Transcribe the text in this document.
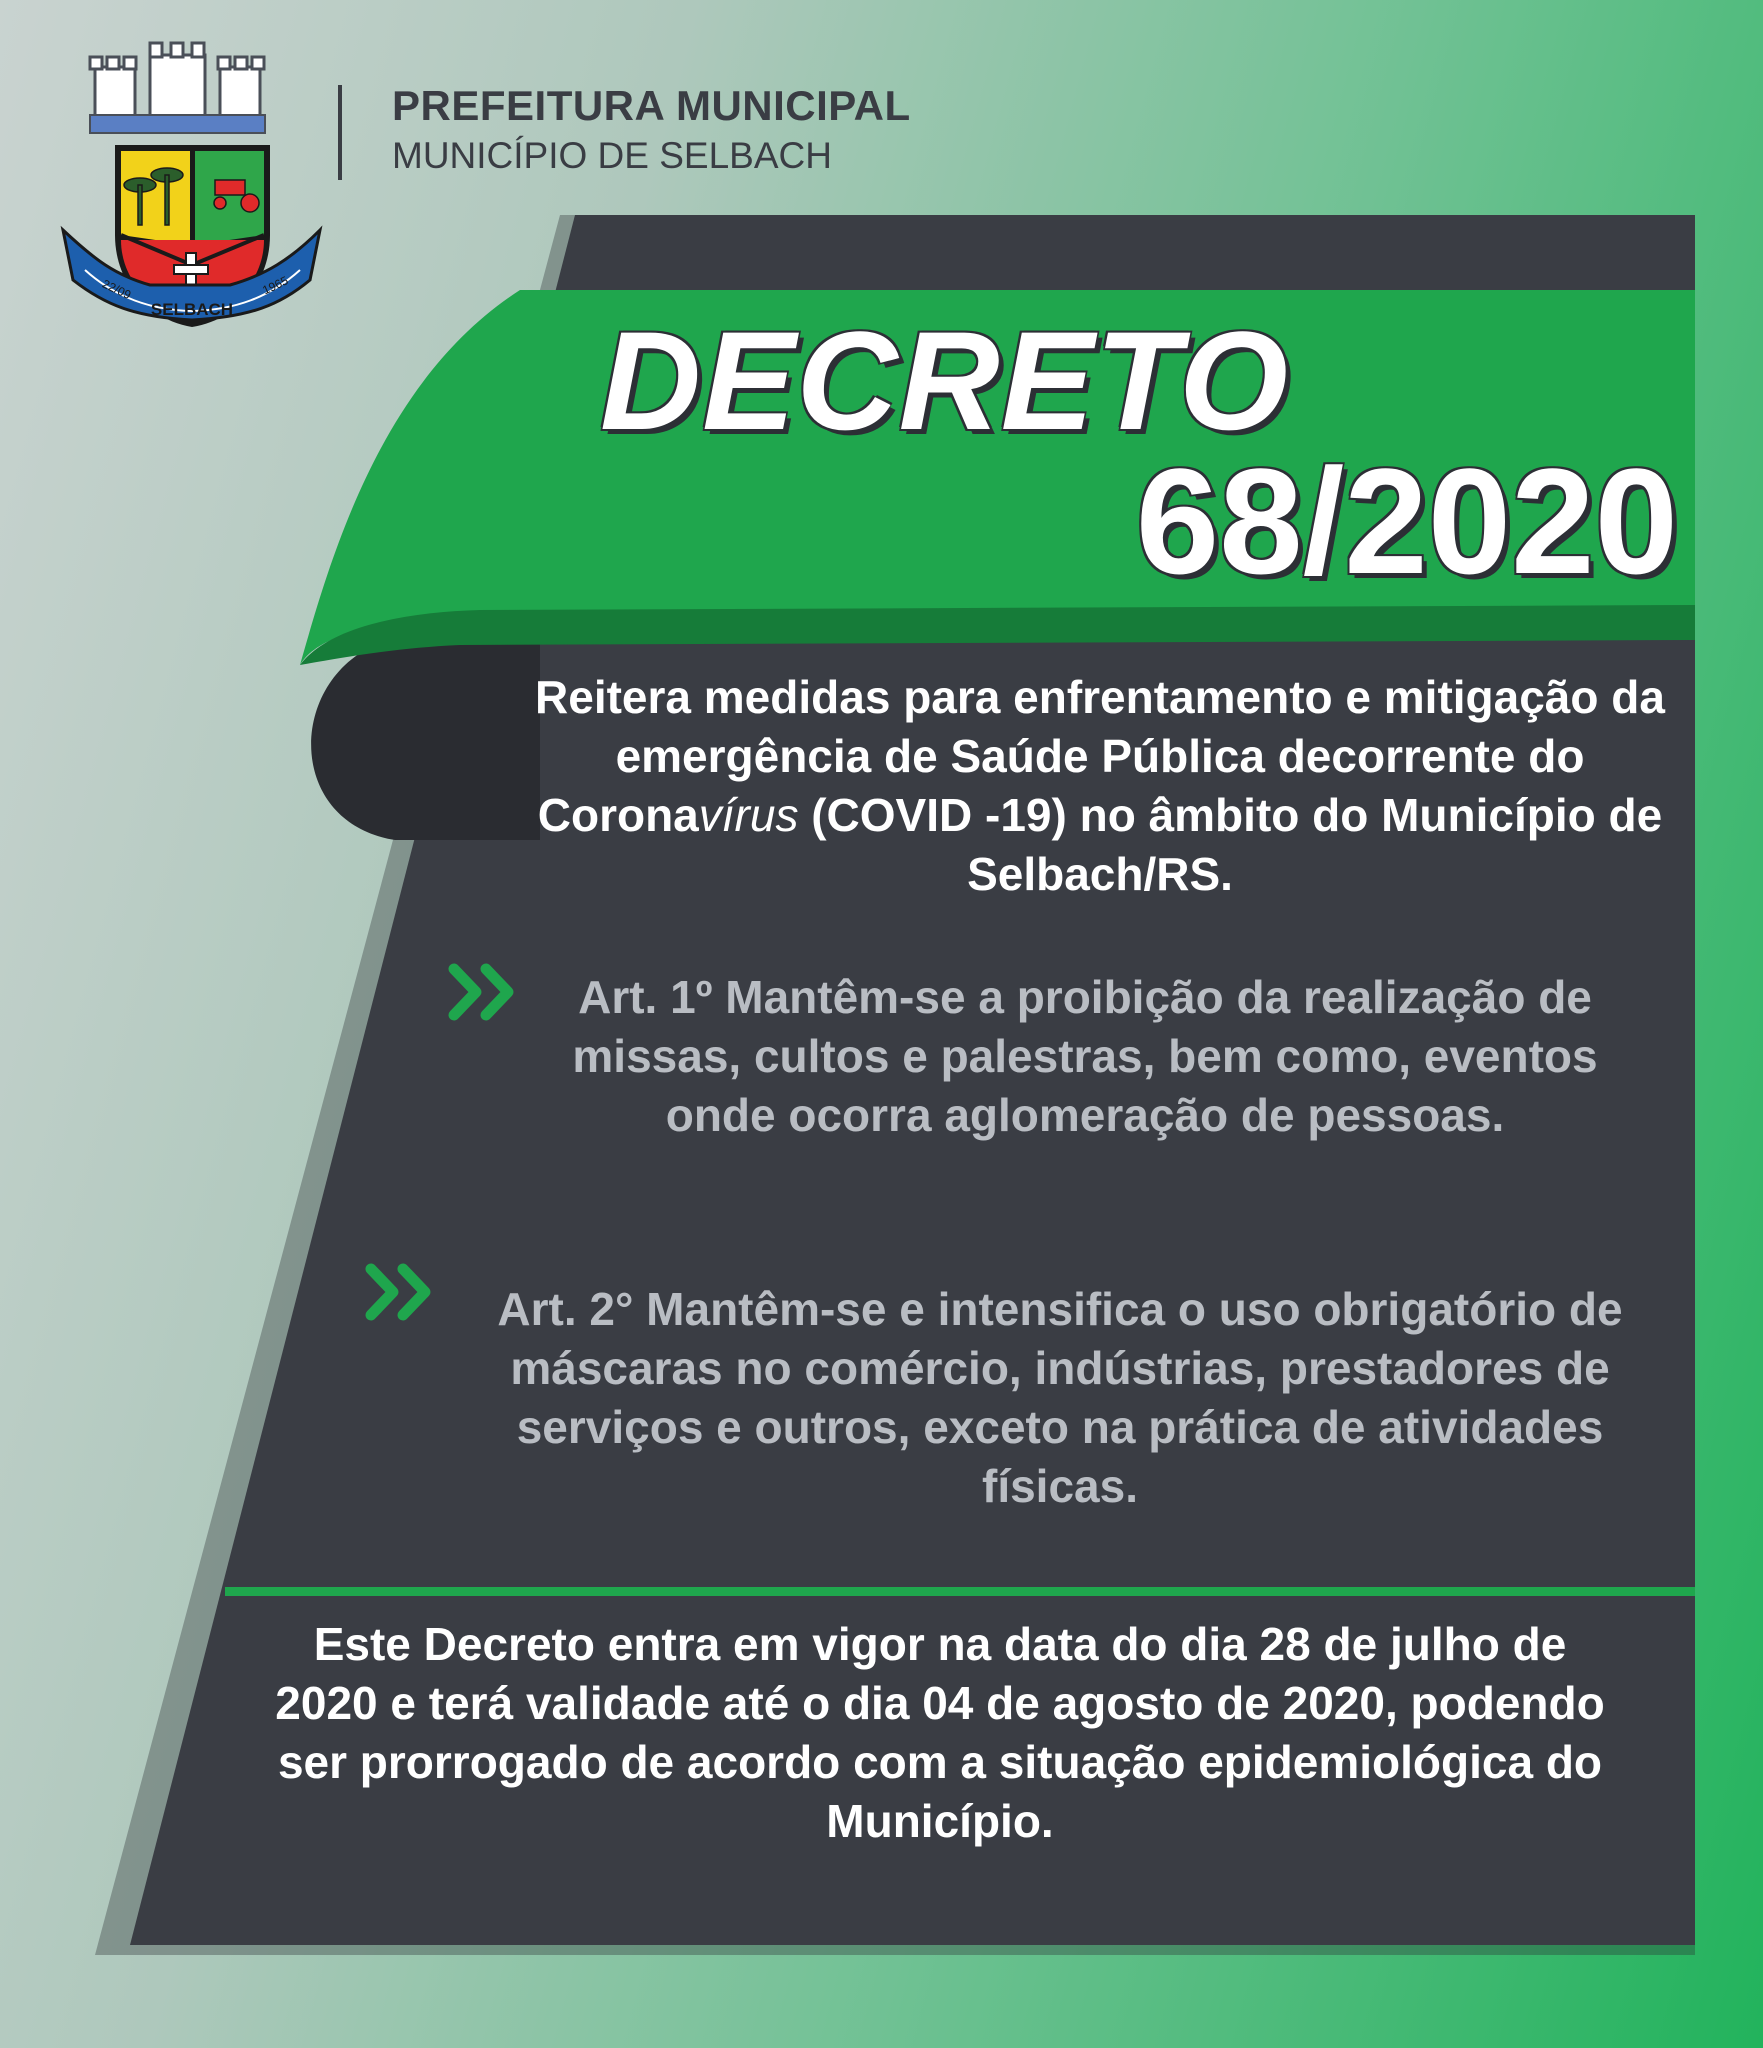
SELBACH
22/09	1965
PREFEITURA MUNICIPAL
MUNICÍPIO DE SELBACH
DECRETO
68/2020
Reitera medidas para enfrentamento e mitigação da emergência de Saúde Pública decorrente do Coronavírus (COVID -19) no âmbito do Município de Selbach/RS.
Art. 1º Mantêm-se a proibição da realização de missas, cultos e palestras, bem como, eventos onde ocorra aglomeração de pessoas.
Art. 2° Mantêm-se e intensifica o uso obrigatório de máscaras no comércio, indústrias, prestadores de serviços e outros, exceto na prática de atividades físicas.
Este Decreto entra em vigor na data do dia 28 de julho de 2020 e terá validade até o dia 04 de agosto de 2020, podendo ser prorrogado de acordo com a situação epidemiológica do Município.
